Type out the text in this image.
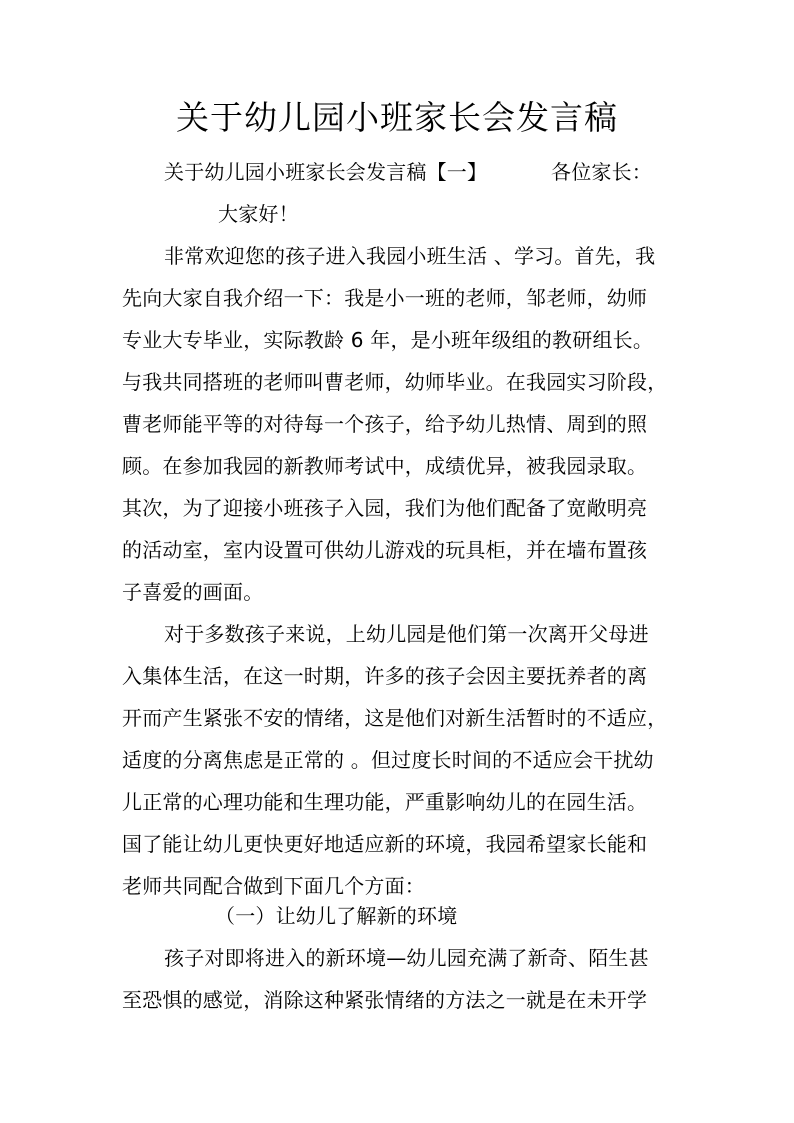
关于幼儿园小班家长会发言稿
关于幼儿园小班家长会发言稿【一】	各位家长：
大家好！
非常欢迎您的孩子进入我园小班生活 、学习。首先，我
先向大家自我介绍一下：我是小一班的老师，邹老师，幼师
专业大专毕业，实际教龄 6 年，是小班年级组的教研组长。
与我共同搭班的老师叫曹老师，幼师毕业。在我园实习阶段，
曹老师能平等的对待每一个孩子，给予幼儿热情、周到的照
顾。在参加我园的新教师考试中，成绩优异，被我园录取。
其次，为了迎接小班孩子入园，我们为他们配备了宽敞明亮
的活动室，室内设置可供幼儿游戏的玩具柜，并在墙布置孩
子喜爱的画面。
对于多数孩子来说，上幼儿园是他们第一次离开父母进
入集体生活，在这一时期，许多的孩子会因主要抚养者的离
开而产生紧张不安的情绪，这是他们对新生活暂时的不适应，
适度的分离焦虑是正常的 。但过度长时间的不适应会干扰幼
儿正常的心理功能和生理功能，严重影响幼儿的在园生活。
国了能让幼儿更快更好地适应新的环境，我园希望家长能和
老师共同配合做到下面几个方面：
（一）让幼儿了解新的环境
孩子对即将进入的新环境—幼儿园充满了新奇、陌生甚
至恐惧的感觉，消除这种紧张情绪的方法之一就是在未开学
